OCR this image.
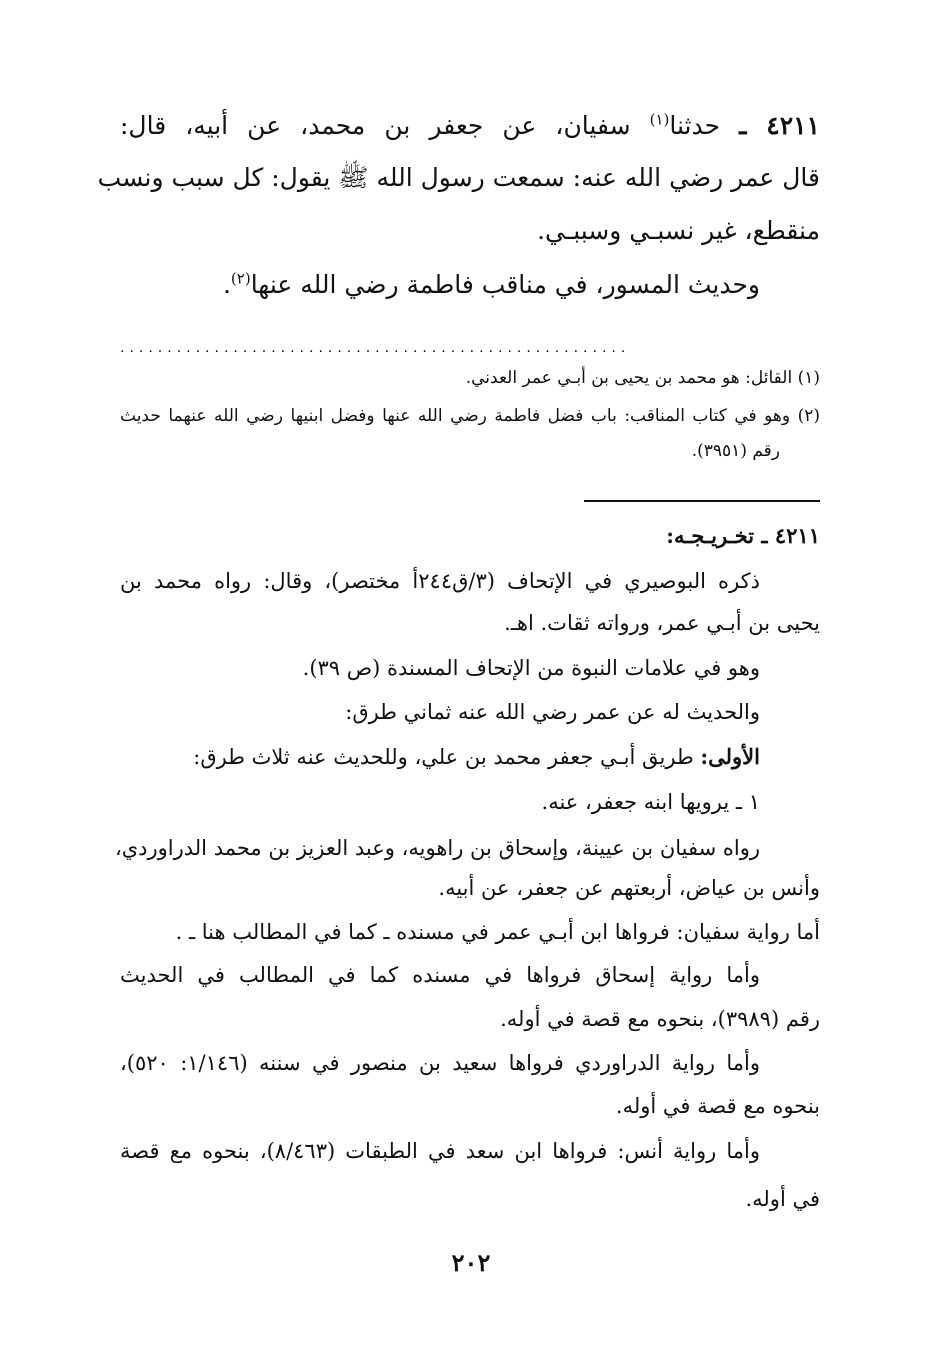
٤٢١١ ـ حدثنا$^{(١)}$ سفيان، عن جعفر بن محمد، عن أبيه، قال:
قال عمر رضي الله عنه: سمعت رسول الله ﷺ يقول: كل سبب ونسب
منقطع، غير نسبـي وسببـي.
وحديث المسور، في مناقب فاطمة رضي الله عنها$^{(٢)}$.
......................................................
(١) القائل: هو محمد بن يحيى بن أبـي عمر العدني.
(٢) وهو في كتاب المناقب: باب فضل فاطمة رضي الله عنها وفضل ابنيها رضي الله عنهما حديث
رقم (٣٩٥١).
٤٢١١ ـ تخـريـجـه:
ذكره البوصيري في الإتحاف (٣/ق٢٤٤أ مختصر)، وقال: رواه محمد بن
يحيى بن أبـي عمر، ورواته ثقات. اهـ.
وهو في علامات النبوة من الإتحاف المسندة (ص ٣٩).
والحديث له عن عمر رضي الله عنه ثماني طرق:
الأولى: طريق أبـي جعفر محمد بن علي، وللحديث عنه ثلاث طرق:
١ ـ يرويها ابنه جعفر، عنه.
رواه سفيان بن عيينة، وإسحاق بن راهويه، وعبد العزيز بن محمد الدراوردي،
وأنس بن عياض، أربعتهم عن جعفر، عن أبيه.
أما رواية سفيان: فرواها ابن أبـي عمر في مسنده ـ كما في المطالب هنا ـ .
وأما رواية إسحاق فرواها في مسنده كما في المطالب في الحديث
رقم (٣٩٨٩)، بنحوه مع قصة في أوله.
وأما رواية الدراوردي فرواها سعيد بن منصور في سننه (١/١٤٦: ٥٢٠)،
بنحوه مع قصة في أوله.
وأما رواية أنس: فرواها ابن سعد في الطبقات (٨/٤٦٣)، بنحوه مع قصة
في أوله.
٢٠٢
